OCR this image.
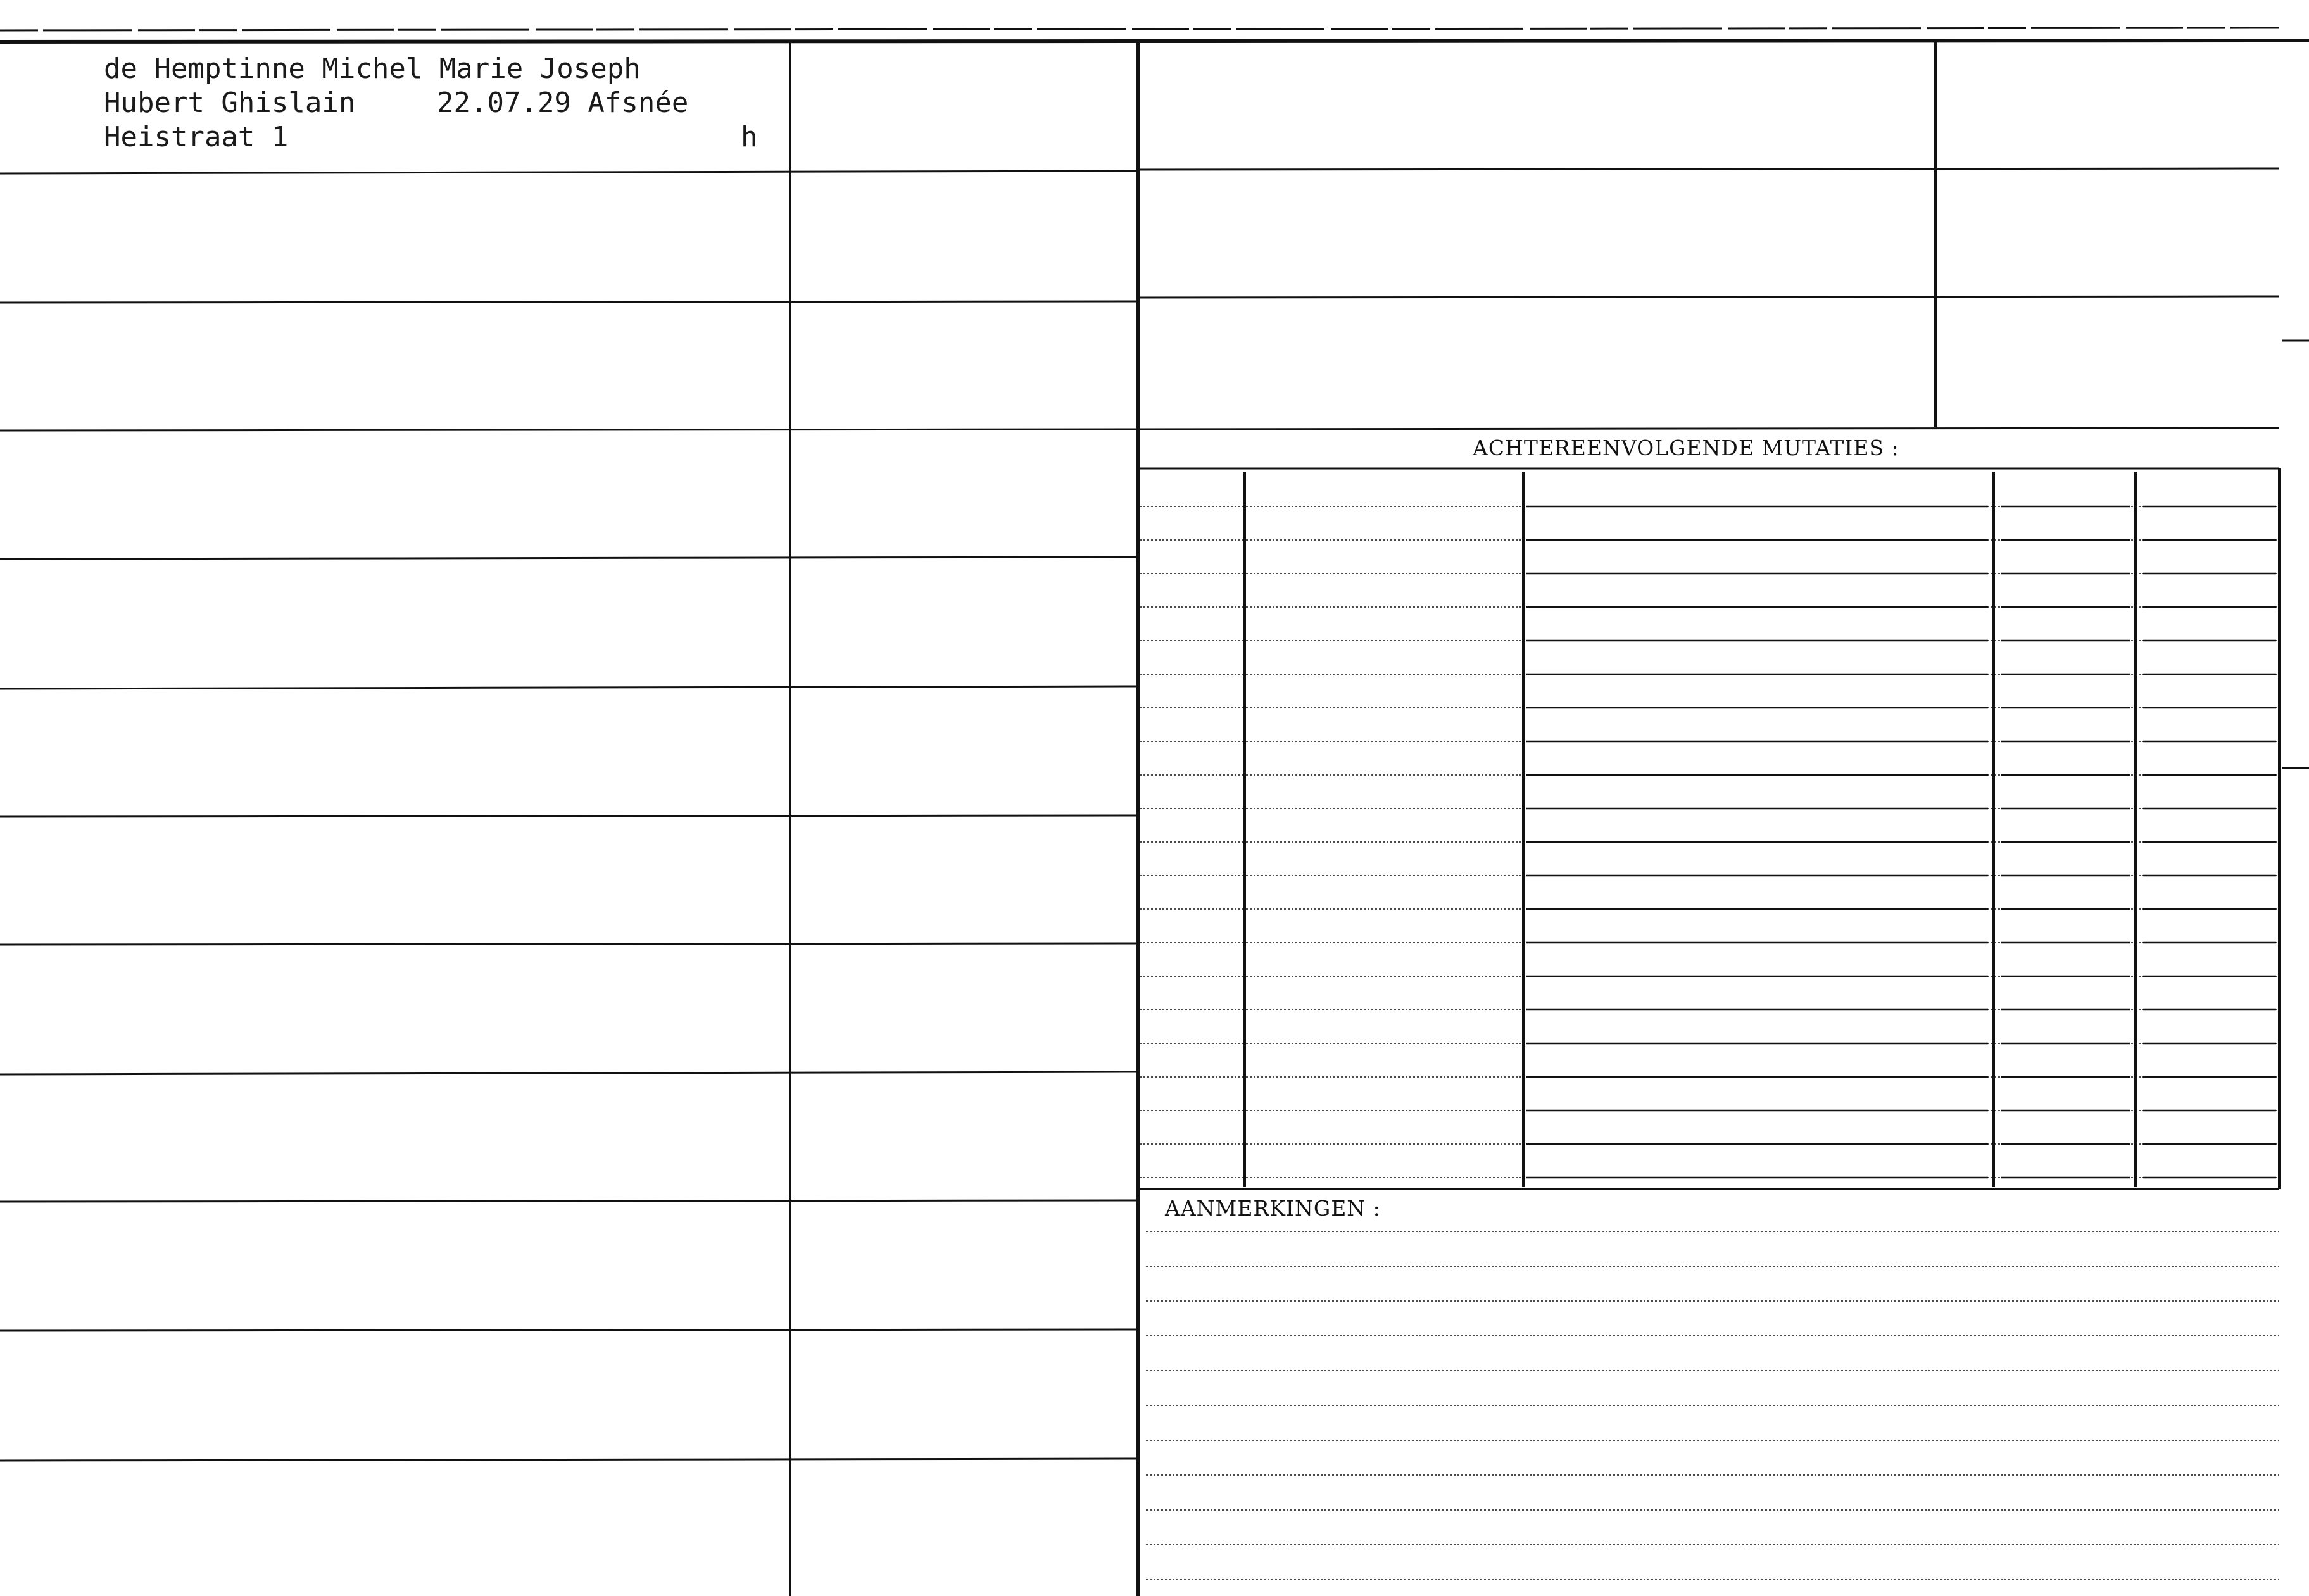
de Hemptinne Michel Marie Joseph
Hubert Ghislain	22.07.29 Afsnée
Heistraat 1	h
ACHTEREENVOLGENDE MUTATIES :
AANMERKINGEN :
